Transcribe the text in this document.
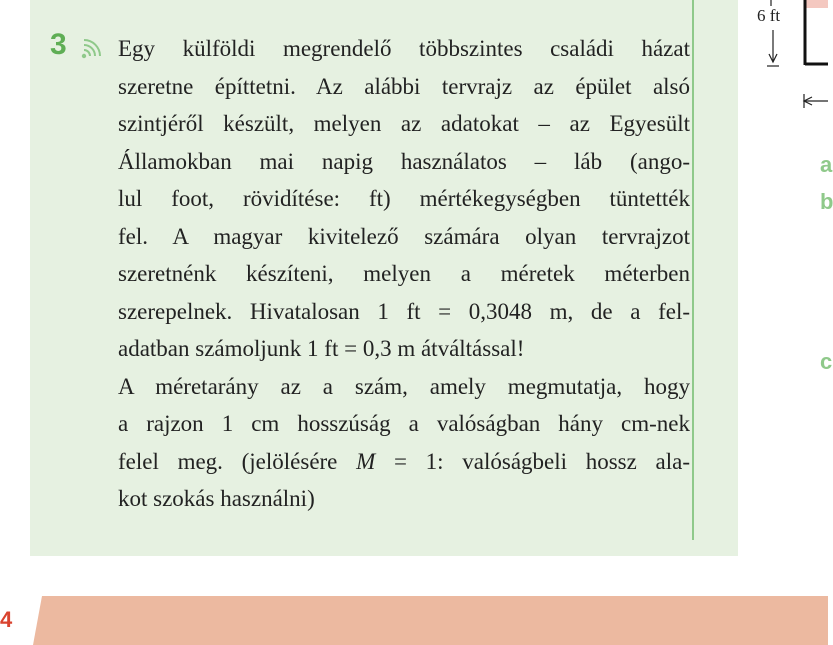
3 Egy külföldi megrendelő többszintes családi házat
szeretne építtetni. Az alábbi tervrajz az épület alsó
szintjéről készült, melyen az adatokat – az Egyesült
Államokban mai napig használatos – láb (ango-
lul foot, rövidítése: ft) mértékegységben tüntették
fel. A magyar kivitelező számára olyan tervrajzot
szeretnénk készíteni, melyen a méretek méterben
szerepelnek. Hivatalosan 1 ft = 0,3048 m, de a fel-
adatban számoljunk 1 ft = 0,3 m átváltással!
A méretarány az a szám, amely megmutatja, hogy
a rajzon 1 cm hosszúság a valóságban hány cm-nek
felel meg. (jelölésére M = 1: valóságbeli hossz ala-
kot szokás használni)
6 ft
a
b
c
4
